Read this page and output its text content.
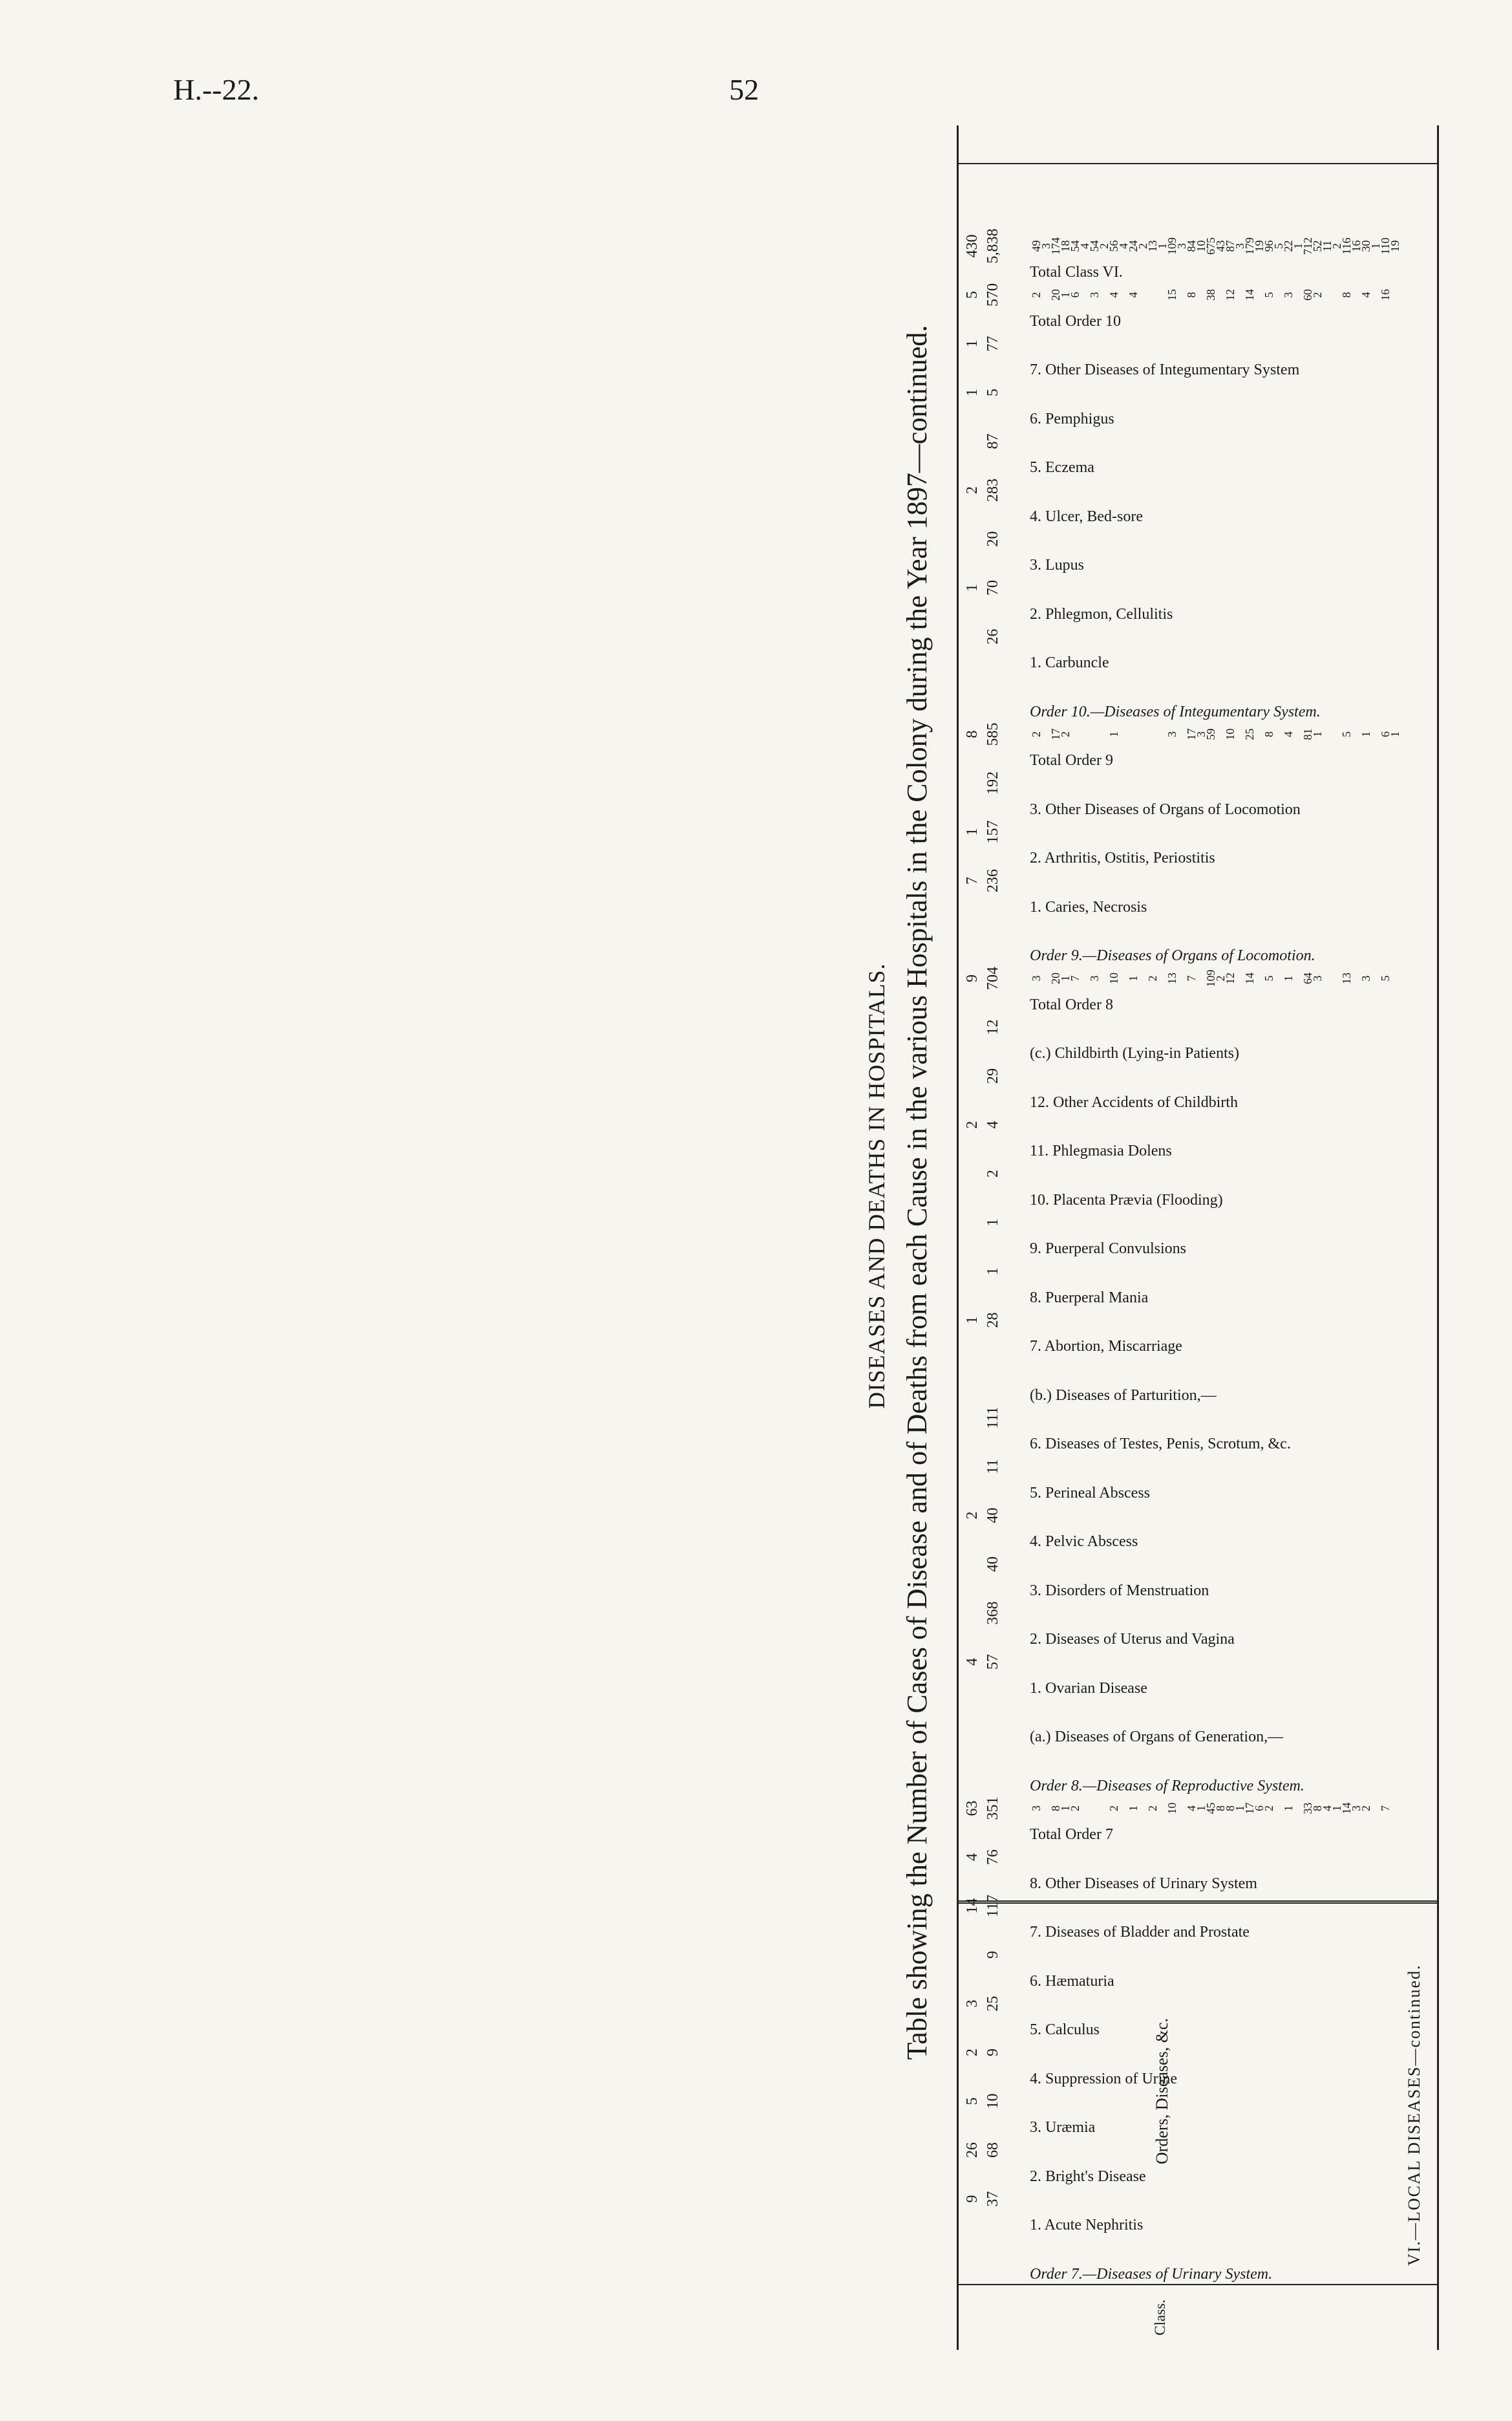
H.--22.	52
DISEASES AND DEATHS IN HOSPITALS. Table showing the Number of Cases of Disease and of Deaths from each Cause in the various Hospitals in the Colony during the Year 1897—continued.
Class.
Orders, Diseases, &c.	VI.—LOCAL DISEASES—continued.
Order 7.—Diseases of Urinary System.
1. Acute Nephritis
2. Bright's Disease
3. Uræmia
4. Suppression of Urine
5. Calculus
6. Hæmaturia
7. Diseases of Bladder and Prostate
8. Other Diseases of Urinary System
Total Order 7
Order 8.—Diseases of Reproductive System.
(a.) Diseases of Organs of Generation,—
1. Ovarian Disease
2. Diseases of Uterus and Vagina
3. Disorders of Menstruation
4. Pelvic Abscess
5. Perineal Abscess
6. Diseases of Testes, Penis, Scrotum, &c.
(b.) Diseases of Parturition,—
7. Abortion, Miscarriage
8. Puerperal Mania
9. Puerperal Convulsions
10. Placenta Prævia (Flooding)
11. Phlegmasia Dolens
12. Other Accidents of Childbirth
(c.) Childbirth (Lying-in Patients)
Total Order 8
Order 9.—Diseases of Organs of Locomotion.
1. Caries, Necrosis
2. Arthritis, Ostitis, Periostitis
3. Other Diseases of Organs of Locomotion
Total Order 9
Order 10.—Diseases of Integumentary System.
1. Carbuncle
2. Phlegmon, Cellulitis
3. Lupus
4. Ulcer, Bed-sore
5. Eczema
6. Pemphigus
7. Other Diseases of Integumentary System
Total Order 10
Total Class VI.
37
68
10
9
25
9
117
76
351
57
368
40
40
11
111
28
1
1
2
4
29
12
704
236
157
192
585
26
70
20
283
87
5
77
570
5,838
9
26
5
2
3
14
4
63
4
2
1
2
9
7
1
8
1
2
1
1
5
430
7
5
6
1
16
110
19
2
3
1
4
30
1
14
3
13
5
8
116
16
4
1
11
2
33
8
64
3
81
1
60
2
712
52
1
1
4
3
22
1
2
5
8
5
96
5
17
6
14
25
14
179
19
8
1
12
10
12
87
3
45
8
109
2
59
38
675
43
4
1
7
17
3
8
84
10
10
13
3
15
109
3
2
2
13
1
1
1
4
24
2
2
10
1
4
56
4
3
3
54
2
2
7
6
54
4
8
1
20
1
17
2
20
1
174
18
3
3
2
2
49
3
